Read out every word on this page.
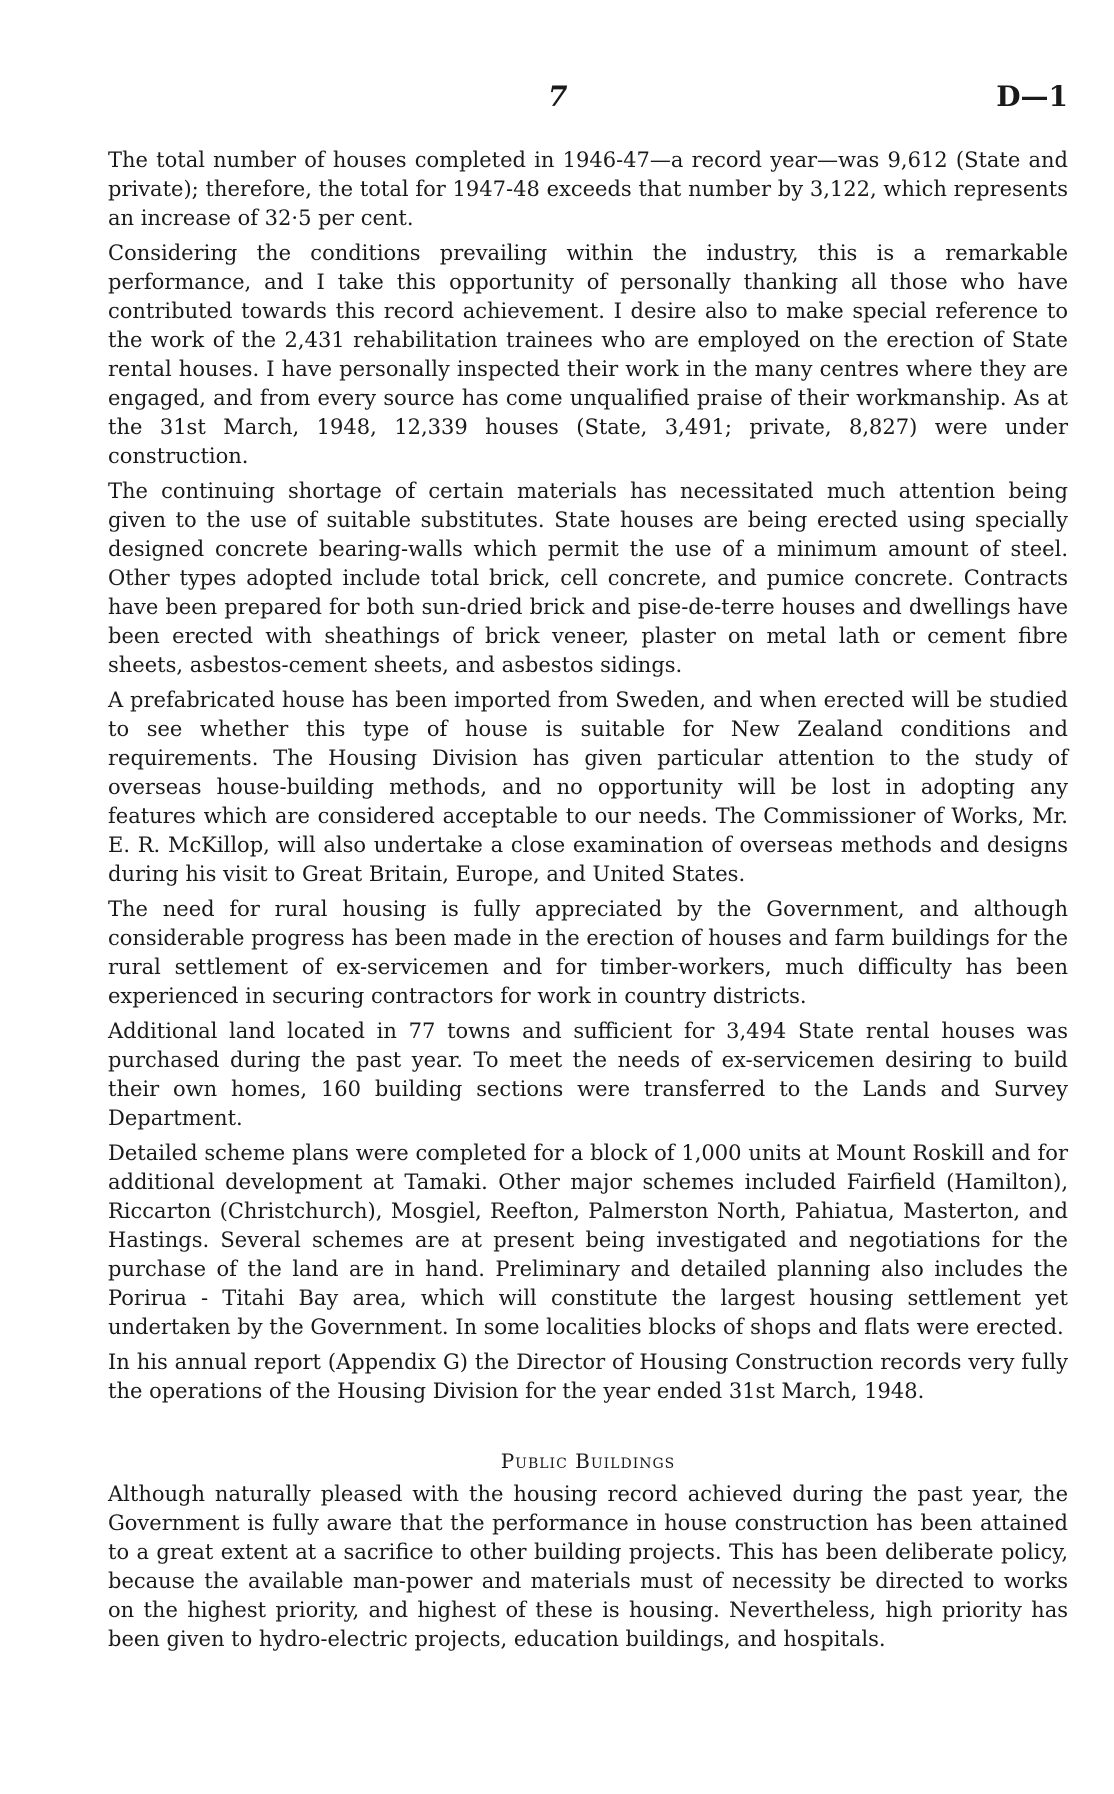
7	D—1

The total number of houses completed in 1946-47—a record year—was 9,612 (State and private); therefore, the total for 1947-48 exceeds that number by 3,122, which represents an increase of 32·5 per cent.

Considering the conditions prevailing within the industry, this is a remarkable performance, and I take this opportunity of personally thanking all those who have contributed towards this record achievement. I desire also to make special reference to the work of the 2,431 rehabilitation trainees who are employed on the erection of State rental houses. I have personally inspected their work in the many centres where they are engaged, and from every source has come unqualified praise of their workmanship. As at the 31st March, 1948, 12,339 houses (State, 3,491; private, 8,827) were under construction.

The continuing shortage of certain materials has necessitated much attention being given to the use of suitable substitutes. State houses are being erected using specially designed concrete bearing-walls which permit the use of a minimum amount of steel. Other types adopted include total brick, cell concrete, and pumice concrete. Contracts have been prepared for both sun-dried brick and pise-de-terre houses and dwellings have been erected with sheathings of brick veneer, plaster on metal lath or cement fibre sheets, asbestos-cement sheets, and asbestos sidings.

A prefabricated house has been imported from Sweden, and when erected will be studied to see whether this type of house is suitable for New Zealand conditions and requirements. The Housing Division has given particular attention to the study of overseas house-building methods, and no opportunity will be lost in adopting any features which are considered acceptable to our needs. The Commissioner of Works, Mr. E. R. McKillop, will also undertake a close examination of overseas methods and designs during his visit to Great Britain, Europe, and United States.

The need for rural housing is fully appreciated by the Government, and although considerable progress has been made in the erection of houses and farm buildings for the rural settlement of ex-servicemen and for timber-workers, much difficulty has been experienced in securing contractors for work in country districts.

Additional land located in 77 towns and sufficient for 3,494 State rental houses was purchased during the past year. To meet the needs of ex-servicemen desiring to build their own homes, 160 building sections were transferred to the Lands and Survey Department.

Detailed scheme plans were completed for a block of 1,000 units at Mount Roskill and for additional development at Tamaki. Other major schemes included Fairfield (Hamilton), Riccarton (Christchurch), Mosgiel, Reefton, Palmerston North, Pahiatua, Masterton, and Hastings. Several schemes are at present being investigated and negotiations for the purchase of the land are in hand. Preliminary and detailed planning also includes the Porirua - Titahi Bay area, which will constitute the largest housing settlement yet undertaken by the Government. In some localities blocks of shops and flats were erected.

In his annual report (Appendix G) the Director of Housing Construction records very fully the operations of the Housing Division for the year ended 31st March, 1948.

Public Buildings

Although naturally pleased with the housing record achieved during the past year, the Government is fully aware that the performance in house construction has been attained to a great extent at a sacrifice to other building projects. This has been deliberate policy, because the available man-power and materials must of necessity be directed to works on the highest priority, and highest of these is housing. Nevertheless, high priority has been given to hydro-electric projects, education buildings, and hospitals.
